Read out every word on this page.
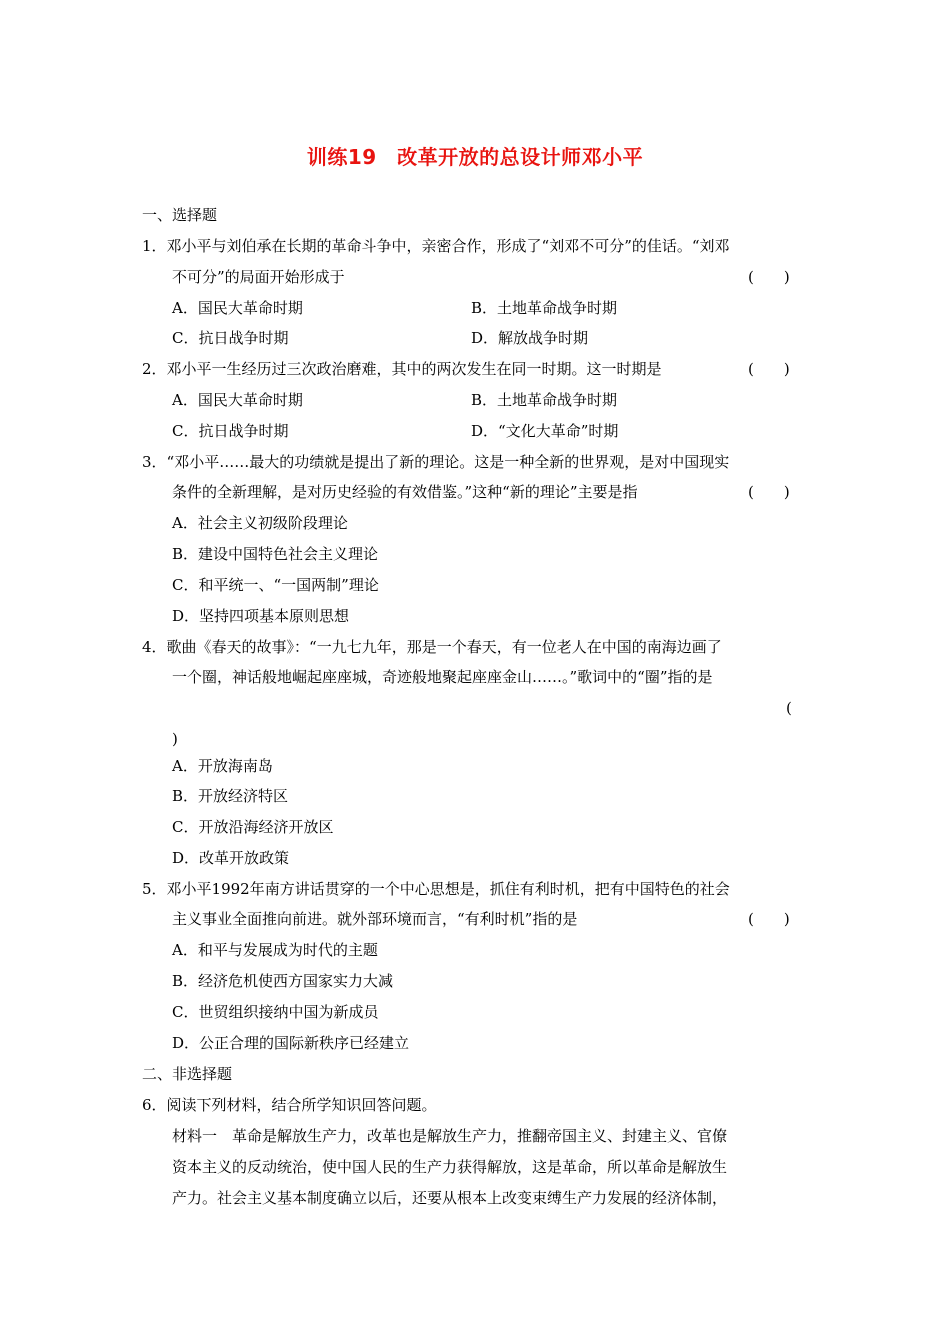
训练19　改革开放的总设计师邓小平
一、选择题
1．邓小平与刘伯承在长期的革命斗争中，亲密合作，形成了“刘邓不可分”的佳话。“刘邓
不可分”的局面开始形成于	(　　)
A．国民大革命时期	B．土地革命战争时期
C．抗日战争时期	D．解放战争时期
2．邓小平一生经历过三次政治磨难，其中的两次发生在同一时期。这一时期是	(　　)
A．国民大革命时期	B．土地革命战争时期
C．抗日战争时期	D．“文化大革命”时期
3．“邓小平……最大的功绩就是提出了新的理论。这是一种全新的世界观，是对中国现实
条件的全新理解，是对历史经验的有效借鉴。”这种“新的理论”主要是指	(　　)
A．社会主义初级阶段理论
B．建设中国特色社会主义理论
C．和平统一、“一国两制”理论
D．坚持四项基本原则思想
4．歌曲《春天的故事》：“一九七九年，那是一个春天，有一位老人在中国的南海边画了
一个圈，神话般地崛起座座城，奇迹般地聚起座座金山……。”歌词中的“圈”指的是
(
)
A．开放海南岛
B．开放经济特区
C．开放沿海经济开放区
D．改革开放政策
5．邓小平1992年南方讲话贯穿的一个中心思想是，抓住有利时机，把有中国特色的社会
主义事业全面推向前进。就外部环境而言，“有利时机”指的是	(　　)
A．和平与发展成为时代的主题
B．经济危机使西方国家实力大减
C．世贸组织接纳中国为新成员
D．公正合理的国际新秩序已经建立
二、非选择题
6．阅读下列材料，结合所学知识回答问题。
材料一　革命是解放生产力，改革也是解放生产力，推翻帝国主义、封建主义、官僚
资本主义的反动统治，使中国人民的生产力获得解放，这是革命，所以革命是解放生
产力。社会主义基本制度确立以后，还要从根本上改变束缚生产力发展的经济体制，
